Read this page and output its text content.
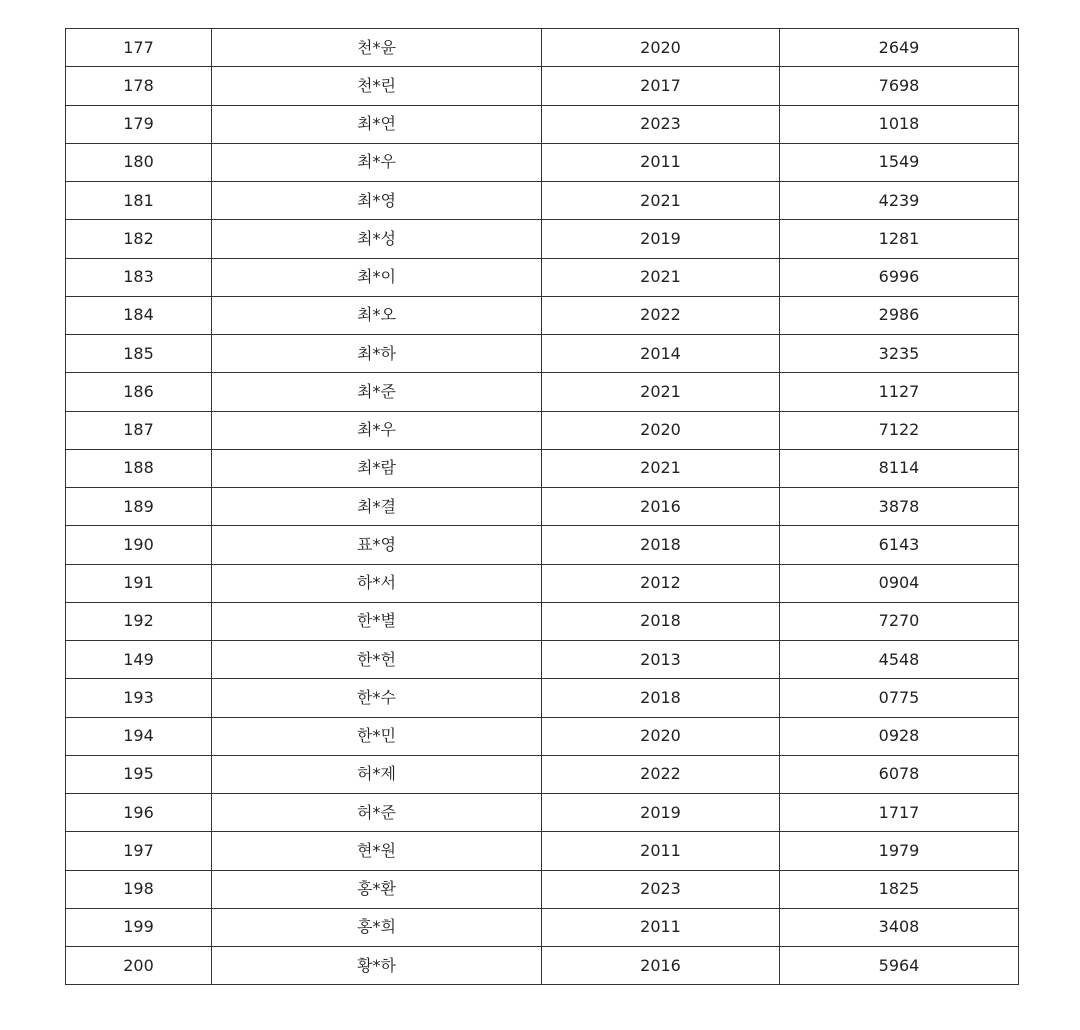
177	천*윤	2020	2649
178	천*린	2017	7698
179	최*연	2023	1018
180	최*우	2011	1549
181	최*영	2021	4239
182	최*성	2019	1281
183	최*이	2021	6996
184	최*오	2022	2986
185	최*하	2014	3235
186	최*준	2021	1127
187	최*우	2020	7122
188	최*람	2021	8114
189	최*결	2016	3878
190	표*영	2018	6143
191	하*서	2012	0904
192	한*별	2018	7270
149	한*헌	2013	4548
193	한*수	2018	0775
194	한*민	2020	0928
195	허*제	2022	6078
196	허*준	2019	1717
197	현*원	2011	1979
198	홍*환	2023	1825
199	홍*희	2011	3408
200	황*하	2016	5964
